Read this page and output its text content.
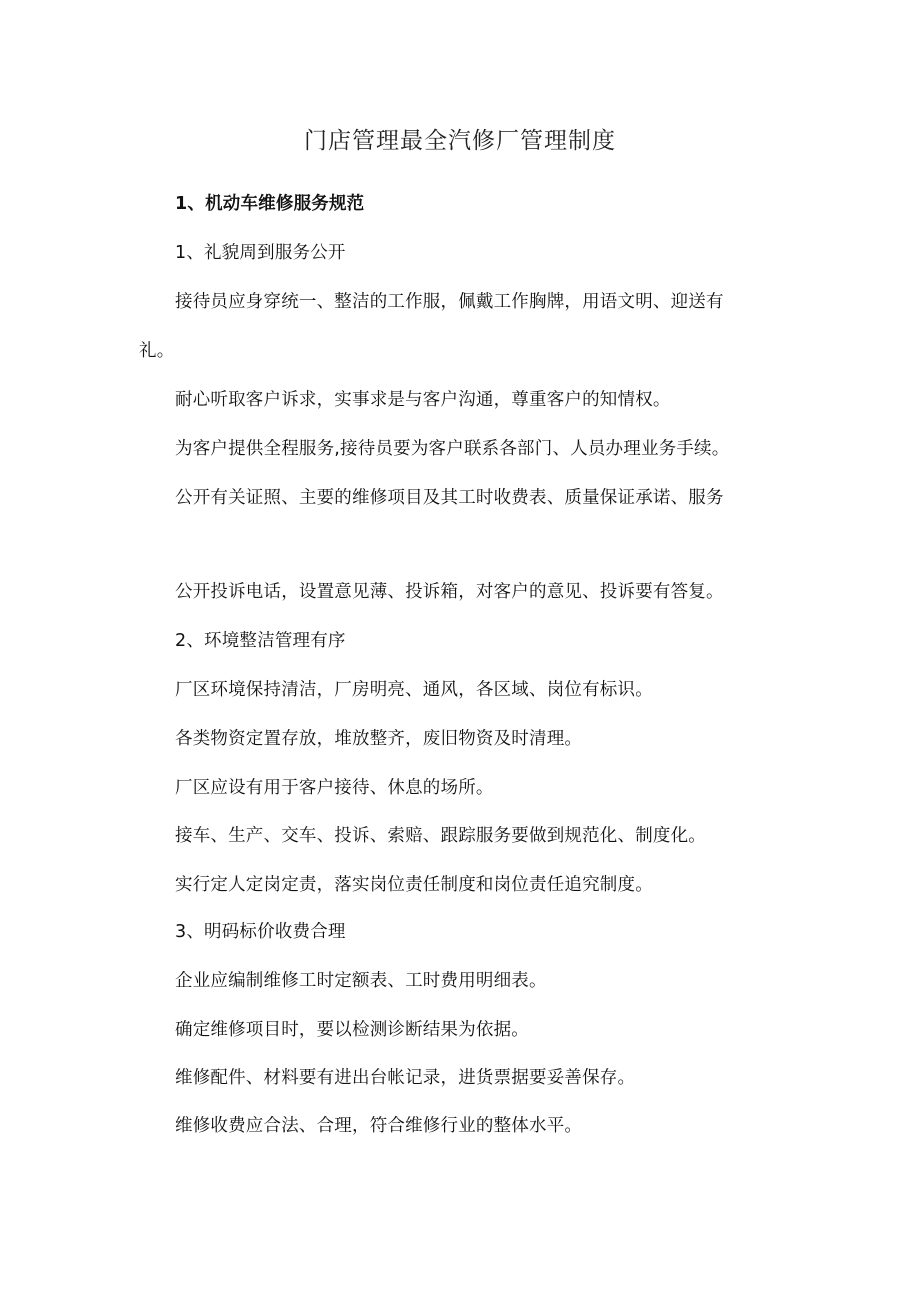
门店管理最全汽修厂管理制度
1、机动车维修服务规范
1、礼貌周到服务公开
接待员应身穿统一、整洁的工作服，佩戴工作胸牌，用语文明、迎送有
礼。
耐心听取客户诉求，实事求是与客户沟通，尊重客户的知情权。
为客户提供全程服务,接待员要为客户联系各部门、人员办理业务手续。
公开有关证照、主要的维修项目及其工时收费表、质量保证承诺、服务
公开投诉电话，设置意见薄、投诉箱，对客户的意见、投诉要有答复。
2、环境整洁管理有序
厂区环境保持清洁，厂房明亮、通风，各区域、岗位有标识。
各类物资定置存放，堆放整齐，废旧物资及时清理。
厂区应设有用于客户接待、休息的场所。
接车、生产、交车、投诉、索赔、跟踪服务要做到规范化、制度化。
实行定人定岗定责，落实岗位责任制度和岗位责任追究制度。
3、明码标价收费合理
企业应编制维修工时定额表、工时费用明细表。
确定维修项目时，要以检测诊断结果为依据。
维修配件、材料要有进出台帐记录，进货票据要妥善保存。
维修收费应合法、合理，符合维修行业的整体水平。
